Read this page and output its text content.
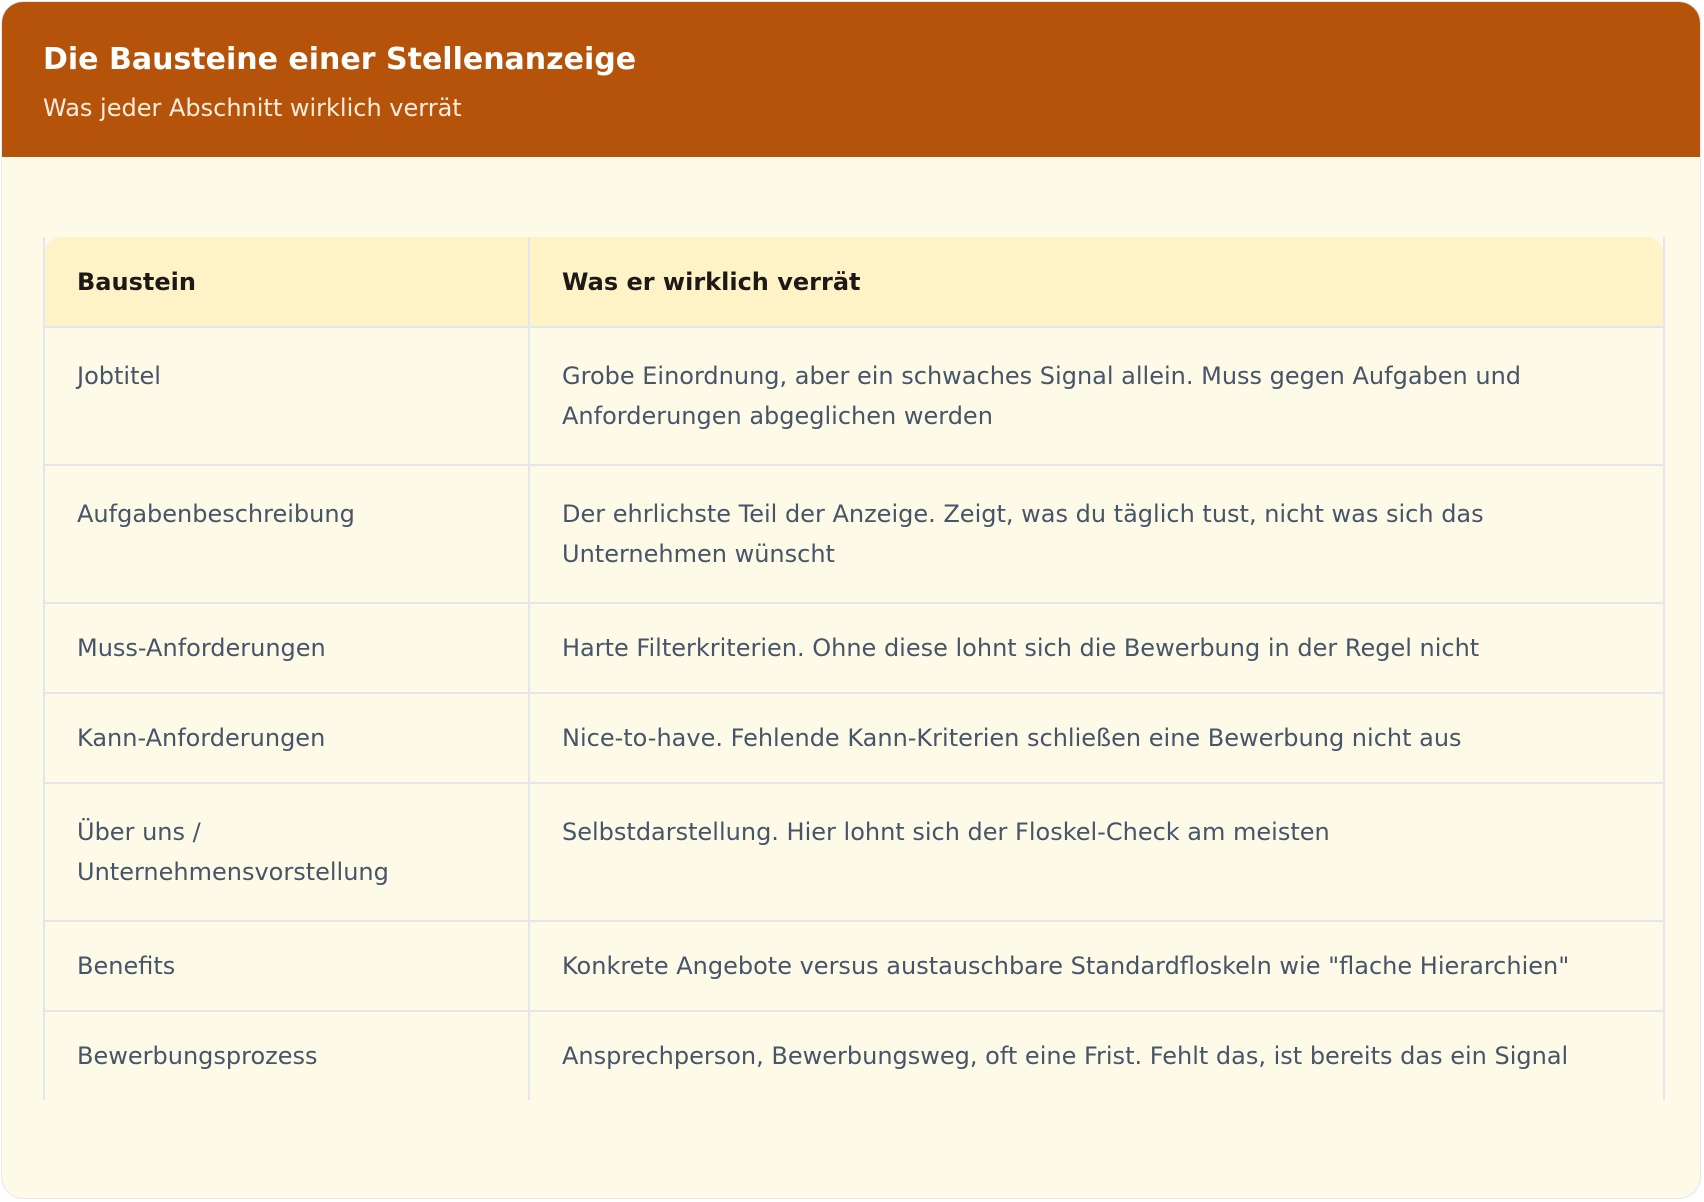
Die Bausteine einer Stellenanzeige

Was jeder Abschnitt wirklich verrät

Baustein	Was er wirklich verrät
Jobtitel	Grobe Einordnung, aber ein schwaches Signal allein. Muss gegen Aufgaben und Anforderungen abgeglichen werden
Aufgabenbeschreibung	Der ehrlichste Teil der Anzeige. Zeigt, was du täglich tust, nicht was sich das Unternehmen wünscht
Muss-Anforderungen	Harte Filterkriterien. Ohne diese lohnt sich die Bewerbung in der Regel nicht
Kann-Anforderungen	Nice-to-have. Fehlende Kann-Kriterien schließen eine Bewerbung nicht aus
Über uns / Unternehmensvorstellung	Selbstdarstellung. Hier lohnt sich der Floskel-Check am meisten
Benefits	Konkrete Angebote versus austauschbare Standardfloskeln wie "flache Hierarchien"
Bewerbungsprozess	Ansprechperson, Bewerbungsweg, oft eine Frist. Fehlt das, ist bereits das ein Signal
